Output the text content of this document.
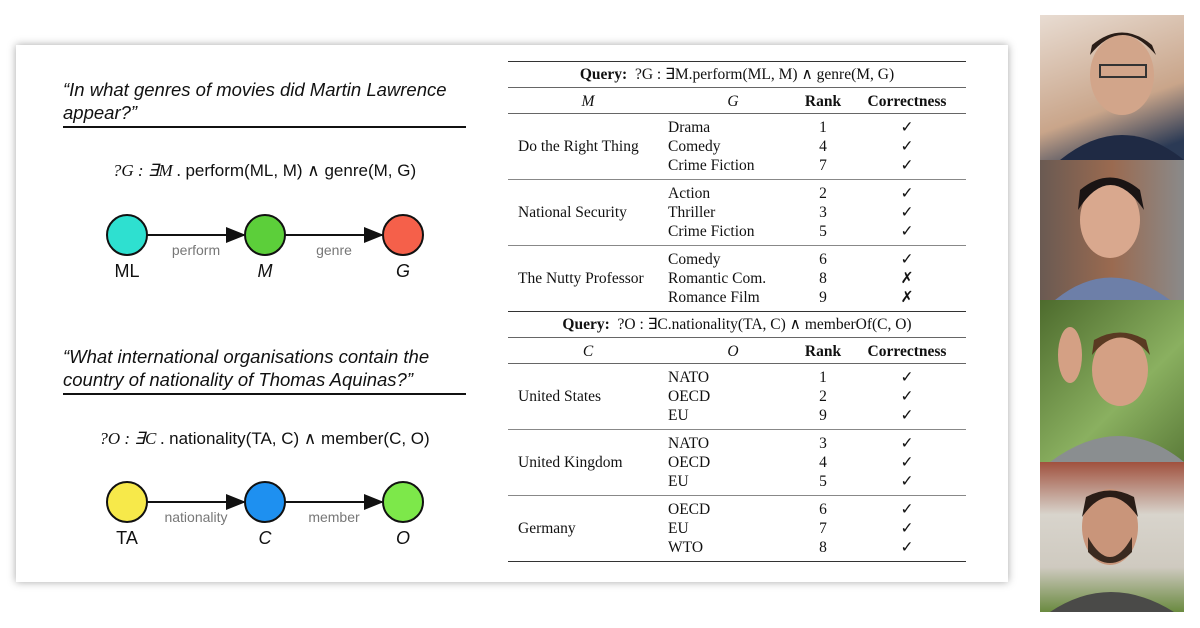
“In what genres of movies did Martin Lawrence appear?”
?G : ∃M . perform(ML, M) ∧ genre(M, G)
perform	genre
ML	M	G
“What international organisations contain the country of nationality of Thomas Aquinas?”
?O : ∃C . nationality(TA, C) ∧ member(C, O)
nationality	member
TA	C	O
Query: ?G : ∃M.perform(ML, M) ∧ genre(M, G)
M	G	Rank	Correctness
Do the Right Thing
Drama	1	✓
Comedy	4	✓
Crime Fiction	7	✓
National Security
Action	2	✓
Thriller	3	✓
Crime Fiction	5	✓
The Nutty Professor
Comedy	6	✓
Romantic Com.	8	✗
Romance Film	9	✗
Query: ?O : ∃C.nationality(TA, C) ∧ memberOf(C, O)
C	O	Rank	Correctness
United States
NATO	1	✓
OECD	2	✓
EU	9	✓
United Kingdom
NATO	3	✓
OECD	4	✓
EU	5	✓
Germany
OECD	6	✓
EU	7	✓
WTO	8	✓
